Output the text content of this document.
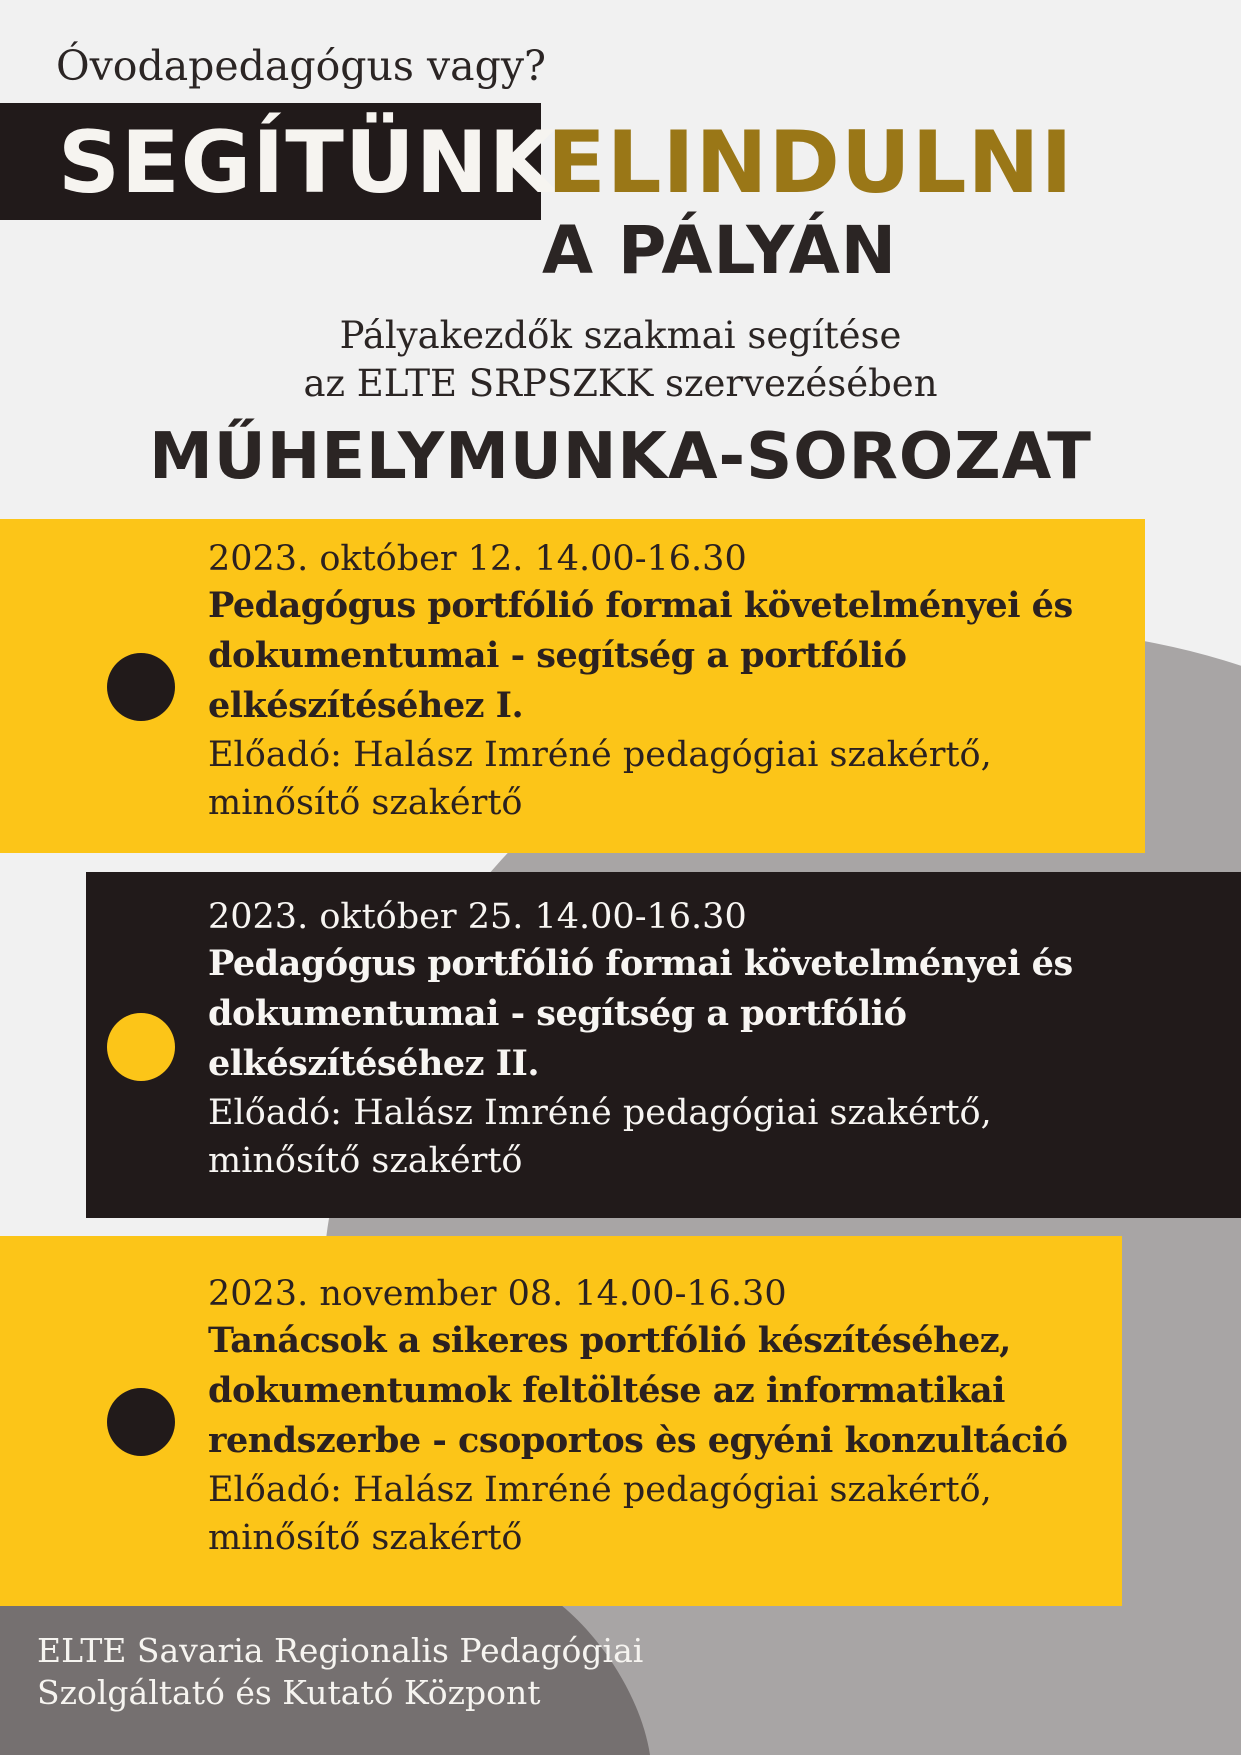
Óvodapedagógus vagy?

SEGÍTÜNK
ELINDULNI
A PÁLYÁN
Pályakezdők szakmai segítése
az ELTE SRPSZKK szervezésében
MŰHELYMUNKA-SOROZAT
2023. október 12. 14.00-16.30
Pedagógus portfólió formai követelményei és
dokumentumai - segítség a portfólió
elkészítéséhez I.
Előadó: Halász Imréné pedagógiai szakértő,
minősítő szakértő
2023. október 25. 14.00-16.30
Pedagógus portfólió formai követelményei és
dokumentumai - segítség a portfólió
elkészítéséhez II.
Előadó: Halász Imréné pedagógiai szakértő,
minősítő szakértő
2023. november 08. 14.00-16.30
Tanácsok a sikeres portfólió készítéséhez,
dokumentumok feltöltése az informatikai
rendszerbe - csoportos ès egyéni konzultáció
Előadó: Halász Imréné pedagógiai szakértő,
minősítő szakértő
ELTE Savaria Regionalis Pedagógiai
Szolgáltató és Kutató Központ
